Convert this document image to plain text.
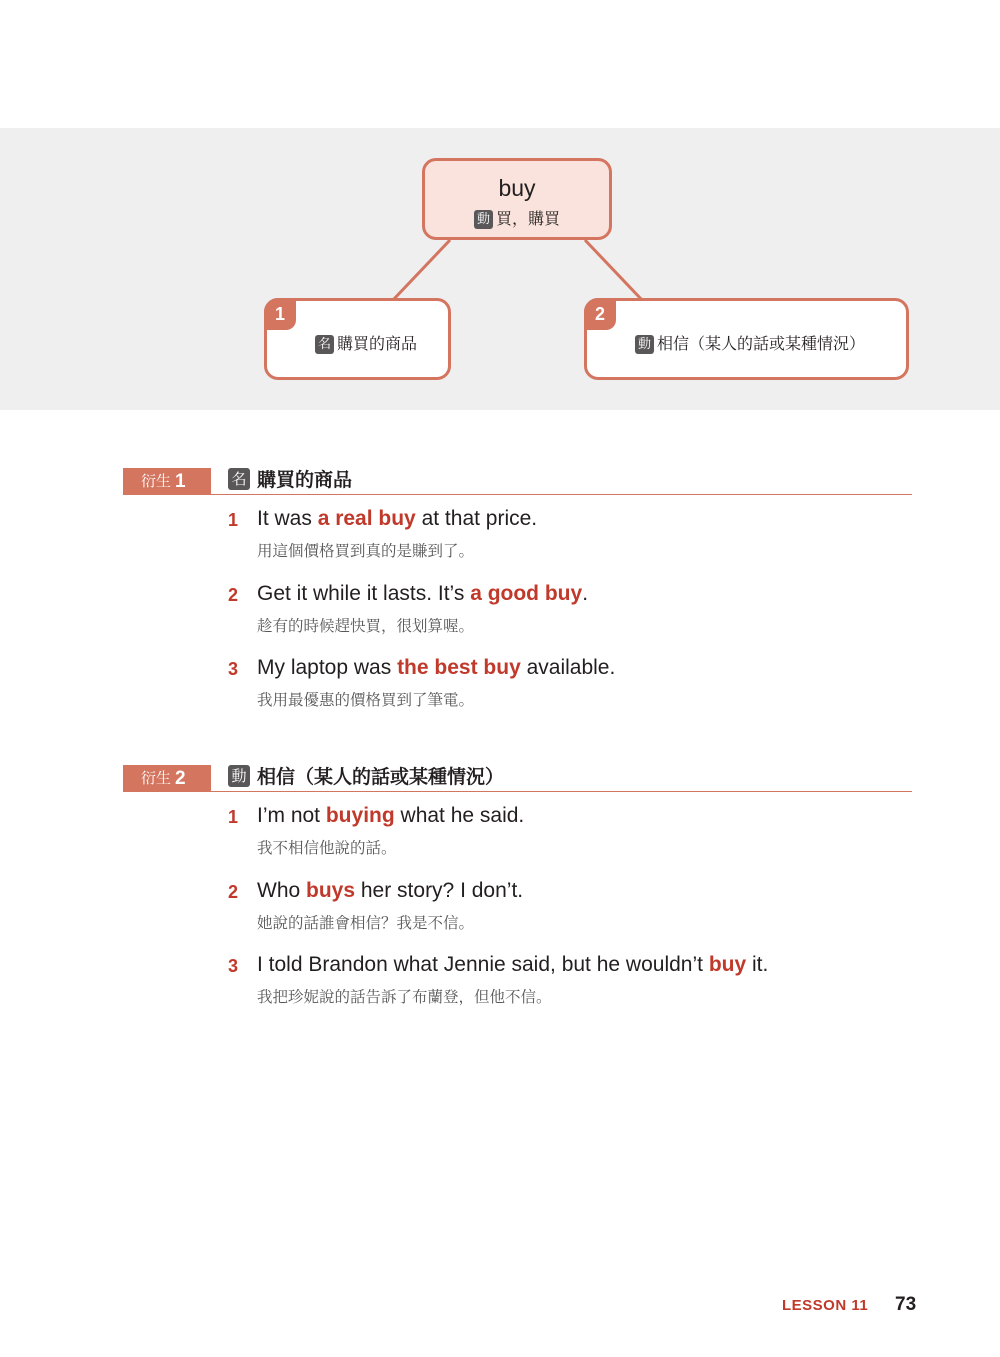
buy
動 買，購買
1
名 購買的商品
2
動 相信（某人的話或某種情況）
衍生 1	名 購買的商品
1 It was a real buy at that price.
用這個價格買到真的是賺到了。
2 Get it while it lasts. It’s a good buy.
趁有的時候趕快買，很划算喔。
3 My laptop was the best buy available.
我用最優惠的價格買到了筆電。
衍生 2	動 相信（某人的話或某種情況）
1 I’m not buying what he said.
我不相信他說的話。
2 Who buys her story? I don’t.
她說的話誰會相信？我是不信。
3 I told Brandon what Jennie said, but he wouldn’t buy it.
我把珍妮說的話告訴了布蘭登，但他不信。
LESSON 11 73
